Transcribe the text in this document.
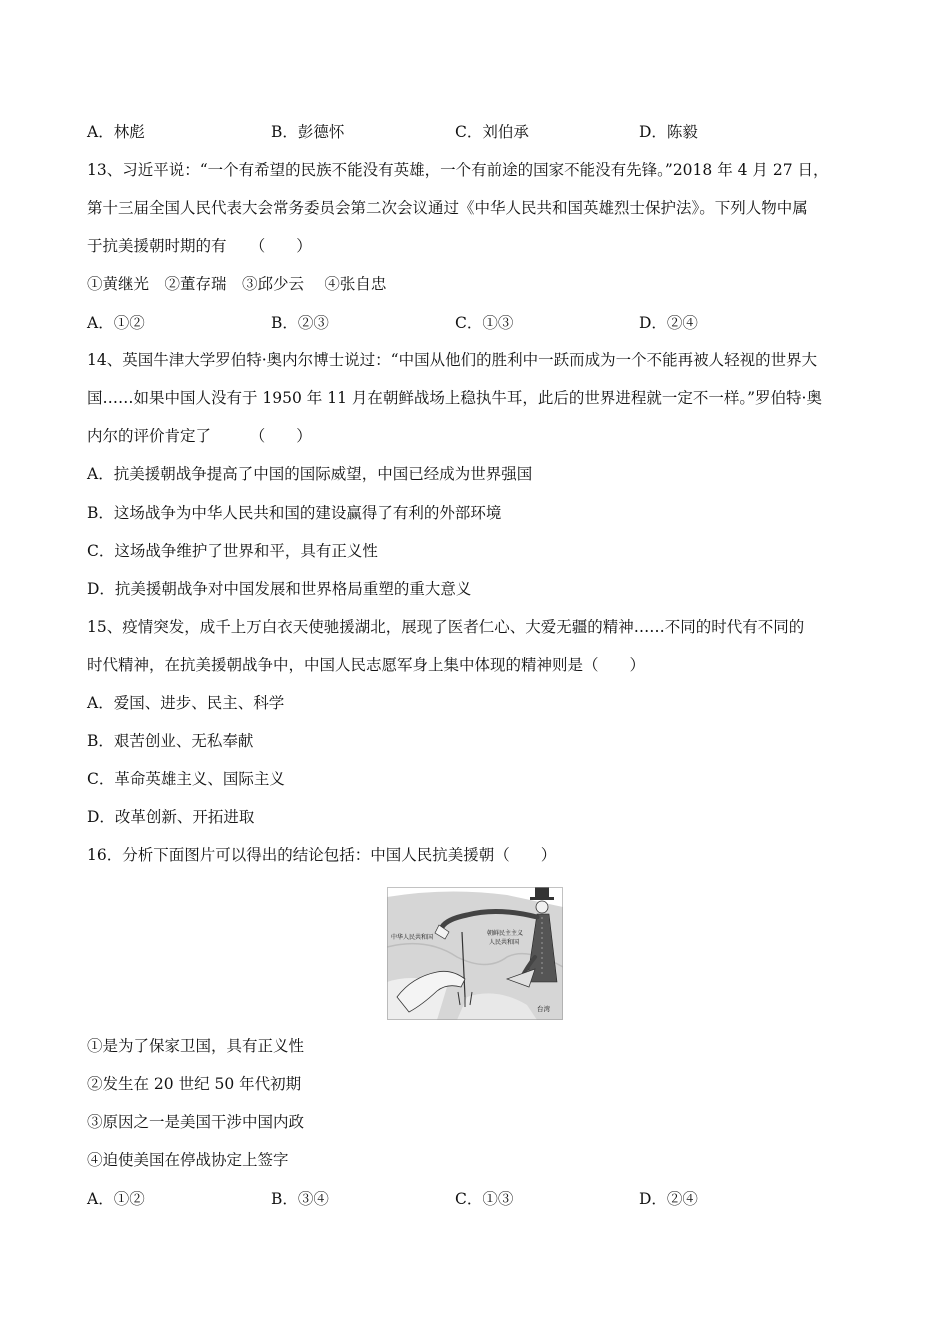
A．林彪	B．彭德怀	C．刘伯承	D．陈毅
13、习近平说：“一个有希望的民族不能没有英雄，一个有前途的国家不能没有先锋。”2018 年 4 月 27 日，
第十三届全国人民代表大会常务委员会第二次会议通过《中华人民共和国英雄烈士保护法》。下列人物中属
于抗美援朝时期的有　　（　　）
①黄继光　②董存瑞　③邱少云　 ④张自忠
A．①②	B．②③	C．①③	D．②④
14、英国牛津大学罗伯特·奥内尔博士说过：“中国从他们的胜利中一跃而成为一个不能再被人轻视的世界大
国……如果中国人没有于 1950 年 11 月在朝鲜战场上稳执牛耳，此后的世界进程就一定不一样。”罗伯特·奥
内尔的评价肯定了　　　（　　）
A．抗美援朝战争提高了中国的国际威望，中国已经成为世界强国
B．这场战争为中华人民共和国的建设赢得了有利的外部环境
C．这场战争维护了世界和平，具有正义性
D．抗美援朝战争对中国发展和世界格局重塑的重大意义
15、疫情突发，成千上万白衣天使驰援湖北，展现了医者仁心、大爱无疆的精神……不同的时代有不同的
时代精神，在抗美援朝战争中，中国人民志愿军身上集中体现的精神则是（　　）
A．爱国、进步、民主、科学
B．艰苦创业、无私奉献
C．革命英雄主义、国际主义
D．改革创新、开拓进取
16．分析下面图片可以得出的结论包括：中国人民抗美援朝（　　）
中华人民共和国
朝鲜民主主义
人民共和国
台湾
①是为了保家卫国，具有正义性
②发生在 20 世纪 50 年代初期
③原因之一是美国干涉中国内政
④迫使美国在停战协定上签字
A．①②	B．③④	C．①③	D．②④
